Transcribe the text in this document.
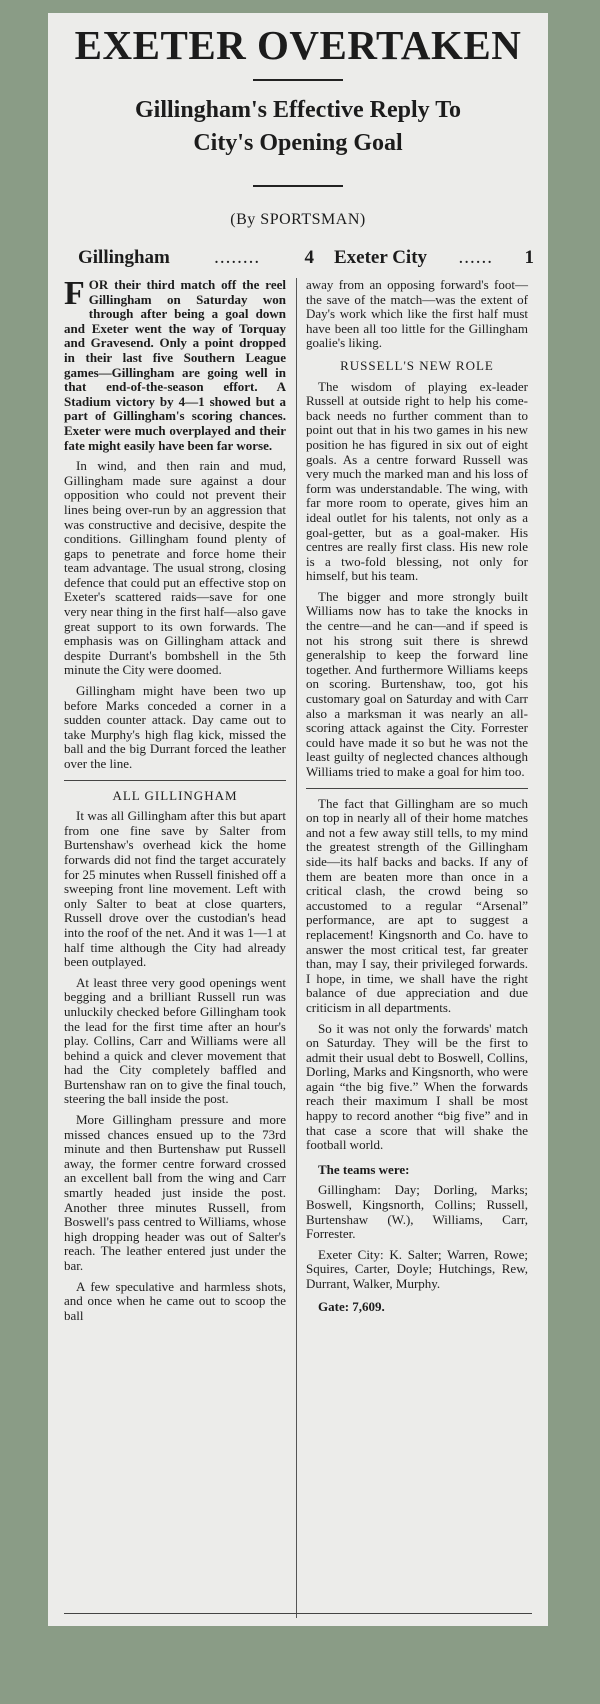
EXETER OVERTAKEN
Gillingham's Effective Reply To
City's Opening Goal
(By SPORTSMAN)
Gillingham	........	4 Exeter City	......	1

FOR their third match off the reel Gillingham on Saturday won through after being a goal down and Exeter went the way of Torquay and Gravesend. Only a point dropped in their last five Southern League games—Gillingham are going well in that end-of-the-season effort. A Stadium victory by 4—1 showed but a part of Gillingham's scoring chances. Exeter were much overplayed and their fate might easily have been far worse.

In wind, and then rain and mud, Gillingham made sure against a dour opposition who could not prevent their lines being over-run by an aggression that was constructive and decisive, despite the conditions. Gillingham found plenty of gaps to penetrate and force home their team advantage. The usual strong, closing defence that could put an effective stop on Exeter's scattered raids—save for one very near thing in the first half—also gave great support to its own forwards. The emphasis was on Gillingham attack and despite Durrant's bombshell in the 5th minute the City were doomed.

Gillingham might have been two up before Marks conceded a corner in a sudden counter attack. Day came out to take Murphy's high flag kick, missed the ball and the big Durrant forced the leather over the line.

ALL GILLINGHAM

It was all Gillingham after this but apart from one fine save by Salter from Burtenshaw's overhead kick the home forwards did not find the target accurately for 25 minutes when Russell finished off a sweeping front line movement. Left with only Salter to beat at close quarters, Russell drove over the custodian's head into the roof of the net. And it was 1—1 at half time although the City had already been outplayed.

At least three very good openings went begging and a brilliant Russell run was unluckily checked before Gillingham took the lead for the first time after an hour's play. Collins, Carr and Williams were all behind a quick and clever movement that had the City completely baffled and Burtenshaw ran on to give the final touch, steering the ball inside the post.

More Gillingham pressure and more missed chances ensued up to the 73rd minute and then Burtenshaw put Russell away, the former centre forward crossed an excellent ball from the wing and Carr smartly headed just inside the post. Another three minutes Russell, from Boswell's pass centred to Williams, whose high dropping header was out of Salter's reach. The leather entered just under the bar.

A few speculative and harmless shots, and once when he came out to scoop the ball

away from an opposing forward's foot—the save of the match—was the extent of Day's work which like the first half must have been all too little for the Gillingham goalie's liking.

RUSSELL'S NEW ROLE

The wisdom of playing ex-leader Russell at outside right to help his come-back needs no further comment than to point out that in his two games in his new position he has figured in six out of eight goals. As a centre forward Russell was very much the marked man and his loss of form was understandable. The wing, with far more room to operate, gives him an ideal outlet for his talents, not only as a goal-getter, but as a goal-maker. His centres are really first class. His new role is a two-fold blessing, not only for himself, but his team.

The bigger and more strongly built Williams now has to take the knocks in the centre—and he can—and if speed is not his strong suit there is shrewd generalship to keep the forward line together. And furthermore Williams keeps on scoring. Burtenshaw, too, got his customary goal on Saturday and with Carr also a marksman it was nearly an all-scoring attack against the City. Forrester could have made it so but he was not the least guilty of neglected chances although Williams tried to make a goal for him too.

The fact that Gillingham are so much on top in nearly all of their home matches and not a few away still tells, to my mind the greatest strength of the Gillingham side—its half backs and backs. If any of them are beaten more than once in a critical clash, the crowd being so accustomed to a regular “Arsenal” performance, are apt to suggest a replacement! Kingsnorth and Co. have to answer the most critical test, far greater than, may I say, their privileged forwards. I hope, in time, we shall have the right balance of due appreciation and due criticism in all departments.

So it was not only the forwards' match on Saturday. They will be the first to admit their usual debt to Boswell, Collins, Dorling, Marks and Kingsnorth, who were again “the big five.” When the forwards reach their maximum I shall be most happy to record another “big five” and in that case a score that will shake the football world.

The teams were:

Gillingham: Day; Dorling, Marks; Boswell, Kingsnorth, Collins; Russell, Burtenshaw (W.), Williams, Carr, Forrester.

Exeter City: K. Salter; Warren, Rowe; Squires, Carter, Doyle; Hutchings, Rew, Durrant, Walker, Murphy.

Gate: 7,609.
